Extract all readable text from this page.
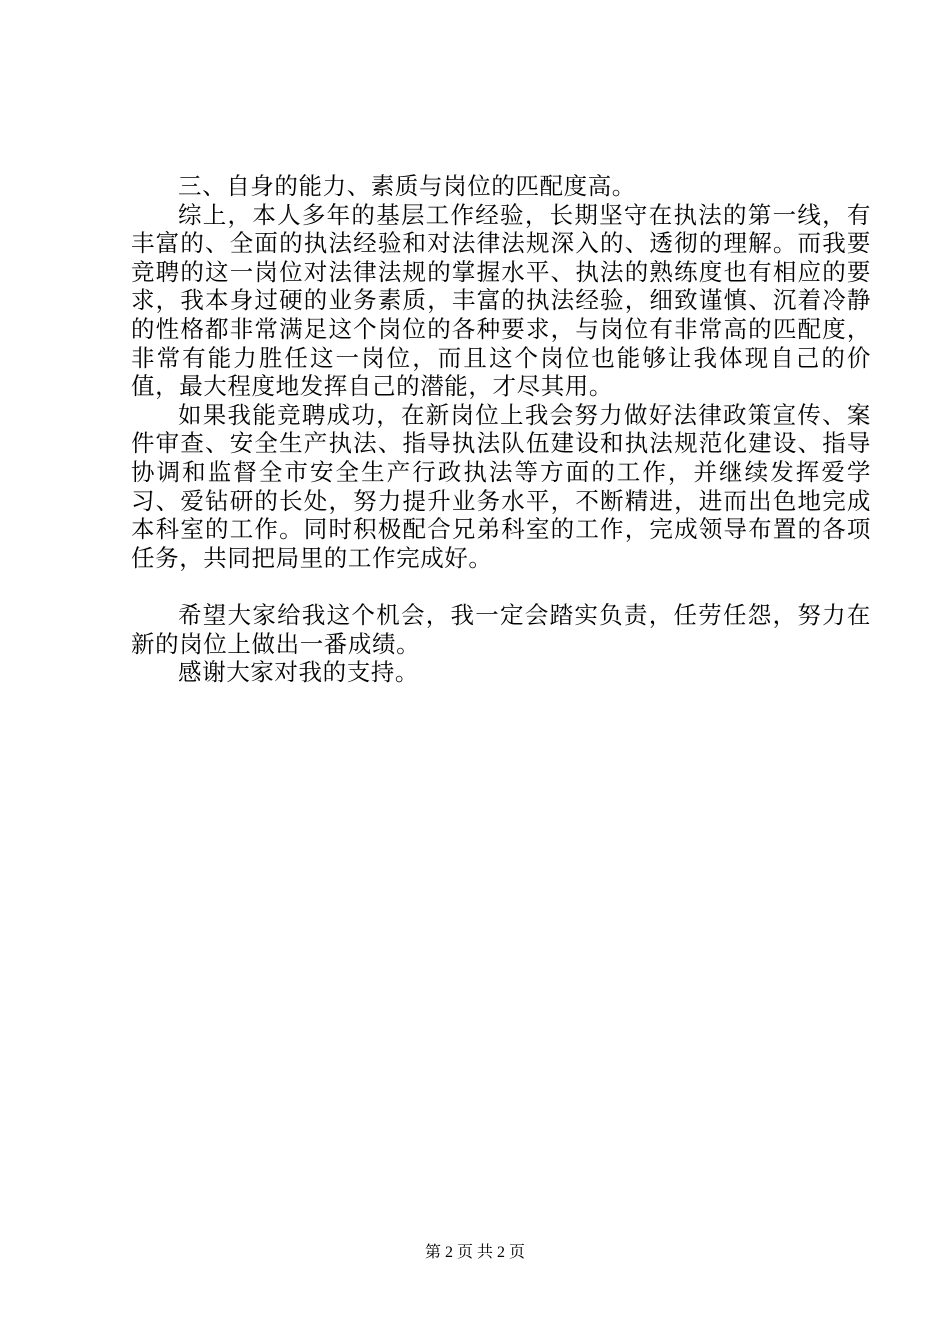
三、自身的能力、素质与岗位的匹配度高。

综上，本人多年的基层工作经验，长期坚守在执法的第一线，有丰富的、全面的执法经验和对法律法规深入的、透彻的理解。而我要竞聘的这一岗位对法律法规的掌握水平、执法的熟练度也有相应的要求，我本身过硬的业务素质，丰富的执法经验，细致谨慎、沉着冷静的性格都非常满足这个岗位的各种要求，与岗位有非常高的匹配度，非常有能力胜任这一岗位，而且这个岗位也能够让我体现自己的价值，最大程度地发挥自己的潜能，才尽其用。

如果我能竞聘成功，在新岗位上我会努力做好法律政策宣传、案件审查、安全生产执法、指导执法队伍建设和执法规范化建设、指导协调和监督全市安全生产行政执法等方面的工作，并继续发挥爱学习、爱钻研的长处，努力提升业务水平，不断精进，进而出色地完成本科室的工作。同时积极配合兄弟科室的工作，完成领导布置的各项任务，共同把局里的工作完成好。

希望大家给我这个机会，我一定会踏实负责，任劳任怨，努力在新的岗位上做出一番成绩。

感谢大家对我的支持。

第 2 页 共 2 页
